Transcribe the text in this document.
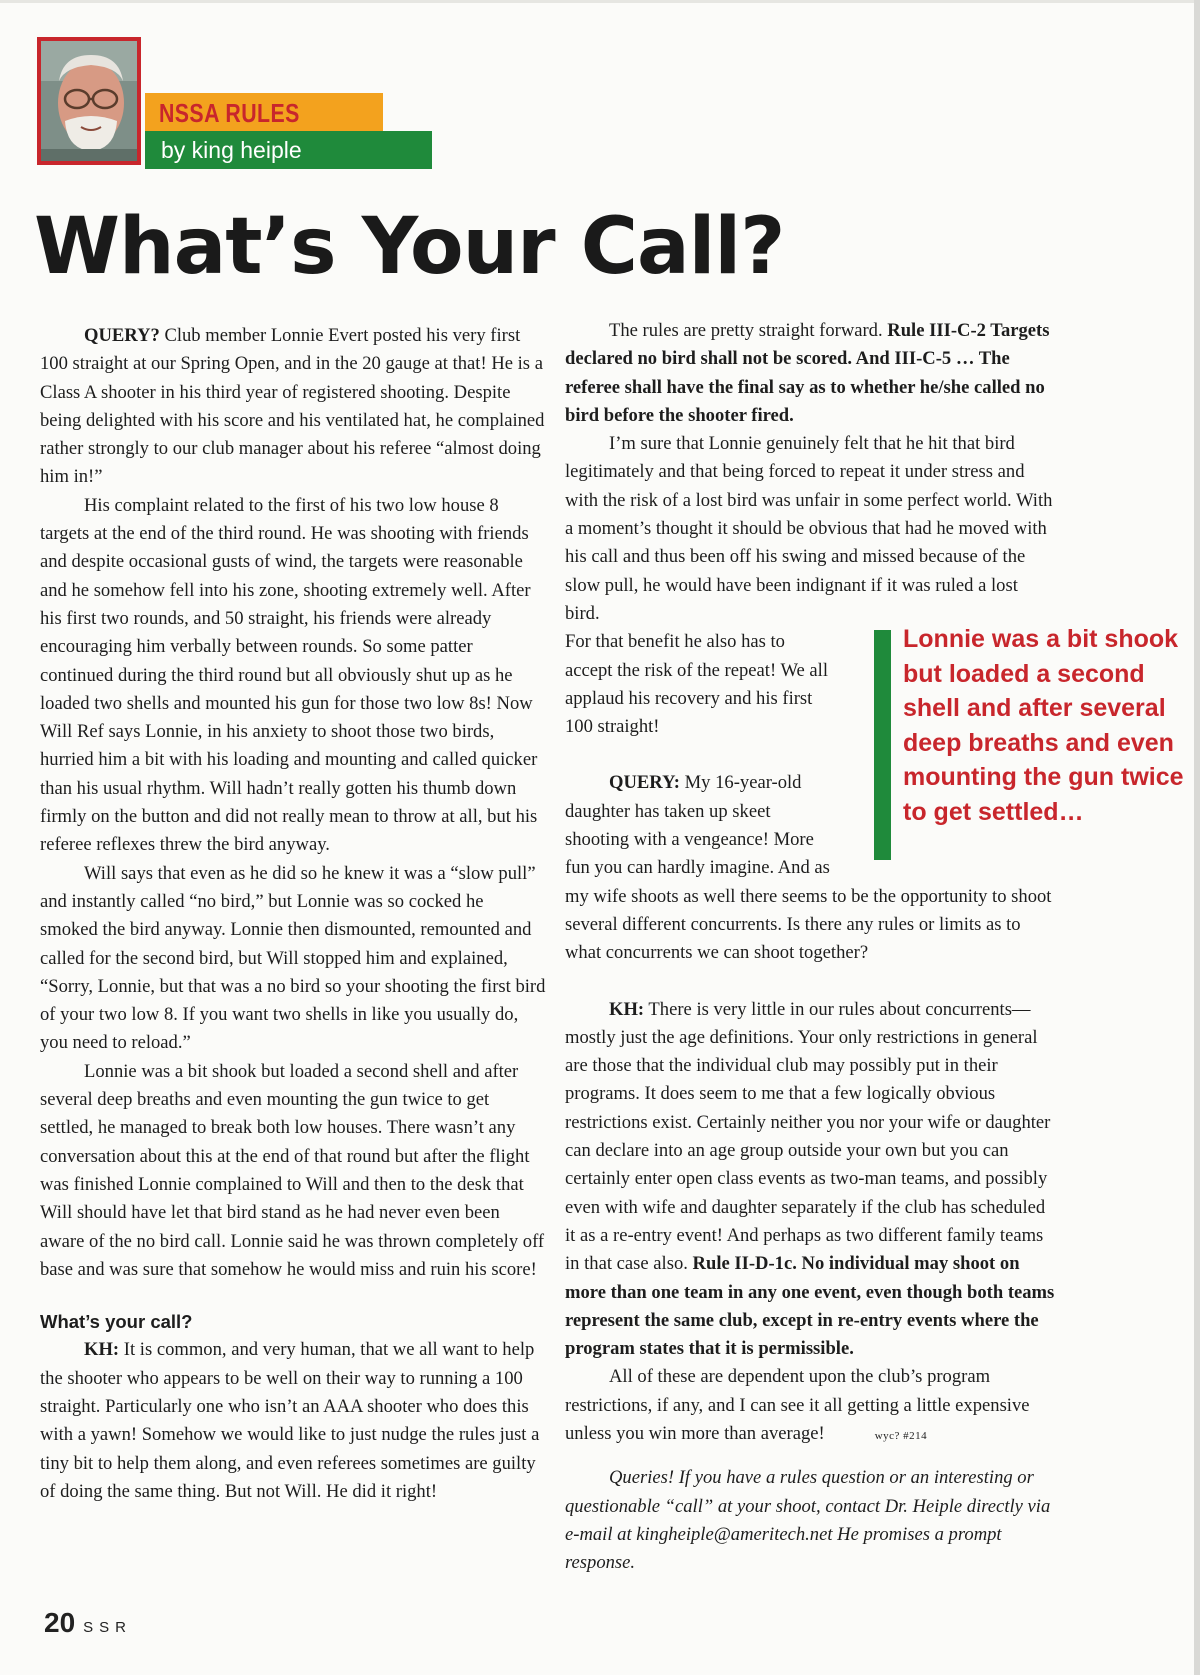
NSSA RULES
by king heiple
What’s Your Call?

QUERY? Club member Lonnie Evert posted his very first 100 straight at our Spring Open, and in the 20 gauge at that! He is a Class A shooter in his third year of registered shooting. Despite being delighted with his score and his ventilated hat, he complained rather strongly to our club manager about his referee “almost doing him in!”

His complaint related to the first of his two low house 8 targets at the end of the third round. He was shooting with friends and despite occasional gusts of wind, the targets were reasonable and he somehow fell into his zone, shooting extremely well. After his first two rounds, and 50 straight, his friends were already encouraging him verbally between rounds. So some patter continued during the third round but all obviously shut up as he loaded two shells and mounted his gun for those two low 8s! Now Will Ref says Lonnie, in his anxiety to shoot those two birds, hurried him a bit with his loading and mounting and called quicker than his usual rhythm. Will hadn’t really gotten his thumb down firmly on the button and did not really mean to throw at all, but his referee reflexes threw the bird anyway.

Will says that even as he did so he knew it was a “slow pull” and instantly called “no bird,” but Lonnie was so cocked he smoked the bird anyway. Lonnie then dismounted, remounted and called for the second bird, but Will stopped him and explained, “Sorry, Lonnie, but that was a no bird so your shooting the first bird of your two low 8. If you want two shells in like you usually do, you need to reload.”

Lonnie was a bit shook but loaded a second shell and after several deep breaths and even mounting the gun twice to get settled, he managed to break both low houses. There wasn’t any conversation about this at the end of that round but after the flight was finished Lonnie complained to Will and then to the desk that Will should have let that bird stand as he had never even been aware of the no bird call. Lonnie said he was thrown completely off base and was sure that somehow he would miss and ruin his score!

What’s your call?

KH: It is common, and very human, that we all want to help the shooter who appears to be well on their way to running a 100 straight. Particularly one who isn’t an AAA shooter who does this with a yawn! Somehow we would like to just nudge the rules just a tiny bit to help them along, and even referees sometimes are guilty of doing the same thing. But not Will. He did it right!

The rules are pretty straight forward. Rule III-C-2 Targets declared no bird shall not be scored. And III-C-5 … The referee shall have the final say as to whether he/she called no bird before the shooter fired.

I’m sure that Lonnie genuinely felt that he hit that bird legitimately and that being forced to repeat it under stress and with the risk of a lost bird was unfair in some perfect world. With a moment’s thought it should be obvious that had he moved with his call and thus been off his swing and missed because of the slow pull, he would have been indignant if it was ruled a lost bird.

For that benefit he also has to accept the risk of the repeat! We all applaud his recovery and his first 100 straight!

QUERY: My 16-year-old daughter has taken up skeet shooting with a vengeance! More fun you can hardly imagine. And as

my wife shoots as well there seems to be the opportunity to shoot several different concurrents. Is there any rules or limits as to what concurrents we can shoot together?

KH: There is very little in our rules about concurrents—mostly just the age definitions. Your only restrictions in general are those that the individual club may possibly put in their programs. It does seem to me that a few logically obvious restrictions exist. Certainly neither you nor your wife or daughter can declare into an age group outside your own but you can certainly enter open class events as two-man teams, and possibly even with wife and daughter separately if the club has scheduled it as a re-entry event! And perhaps as two different family teams in that case also. Rule II-D-1c. No individual may shoot on more than one team in any one event, even though both teams represent the same club, except in re-entry events where the program states that it is permissible.

All of these are dependent upon the club’s program restrictions, if any, and I can see it all getting a little expensive unless you win more than average!	wyc? #214

Queries! If you have a rules question or an interesting or questionable “call” at your shoot, contact Dr. Heiple directly via e-mail at kingheiple@ameritech.net He promises a prompt response.

Lonnie was a bit shook but loaded a second shell and after several deep breaths and even mounting the gun twice to get settled…
20 SSR
